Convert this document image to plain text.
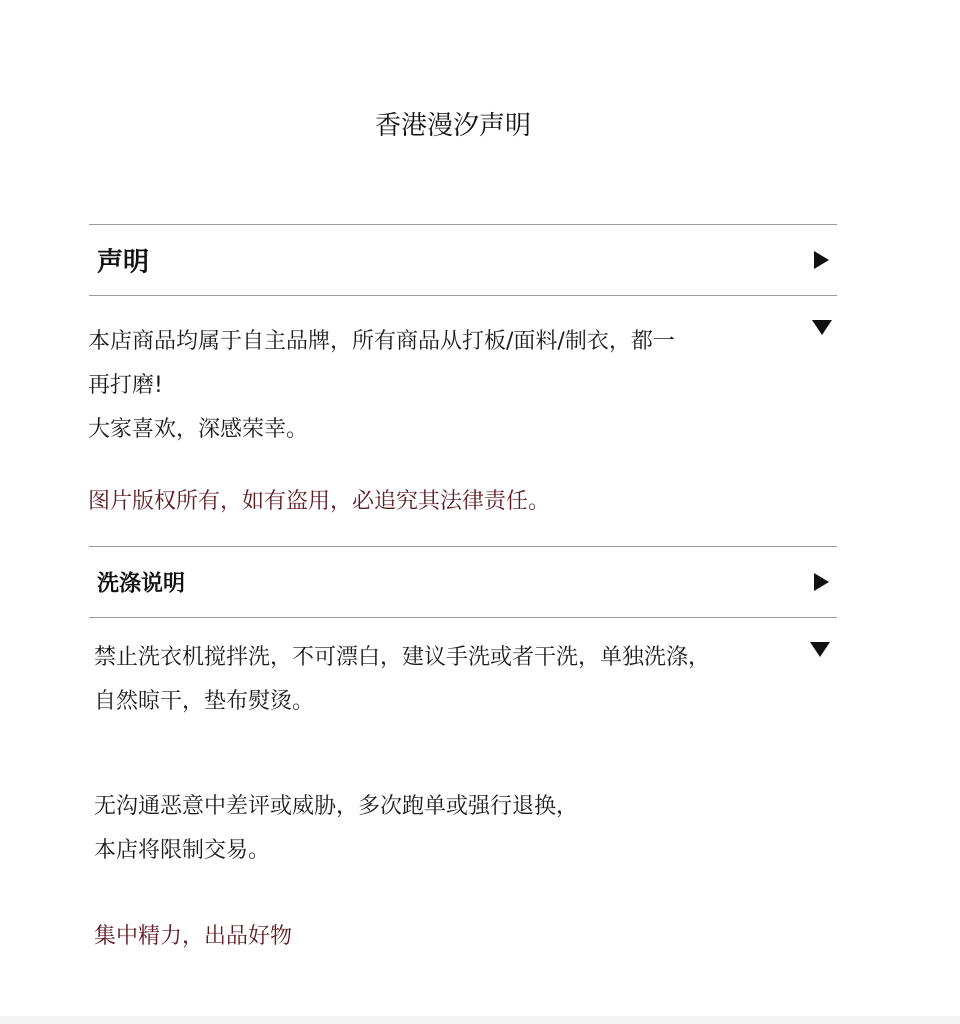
香港漫汐声明
声明
本店商品均属于自主品牌，所有商品从打板/面料/制衣，都一
再打磨!
大家喜欢，深感荣幸。
图片版权所有，如有盗用，必追究其法律责任。
洗涤说明
禁止洗衣机搅拌洗，不可漂白，建议手洗或者干洗，单独洗涤，
自然晾干，垫布熨烫。
无沟通恶意中差评或威胁，多次跑单或强行退换，
本店将限制交易。
集中精力，出品好物
